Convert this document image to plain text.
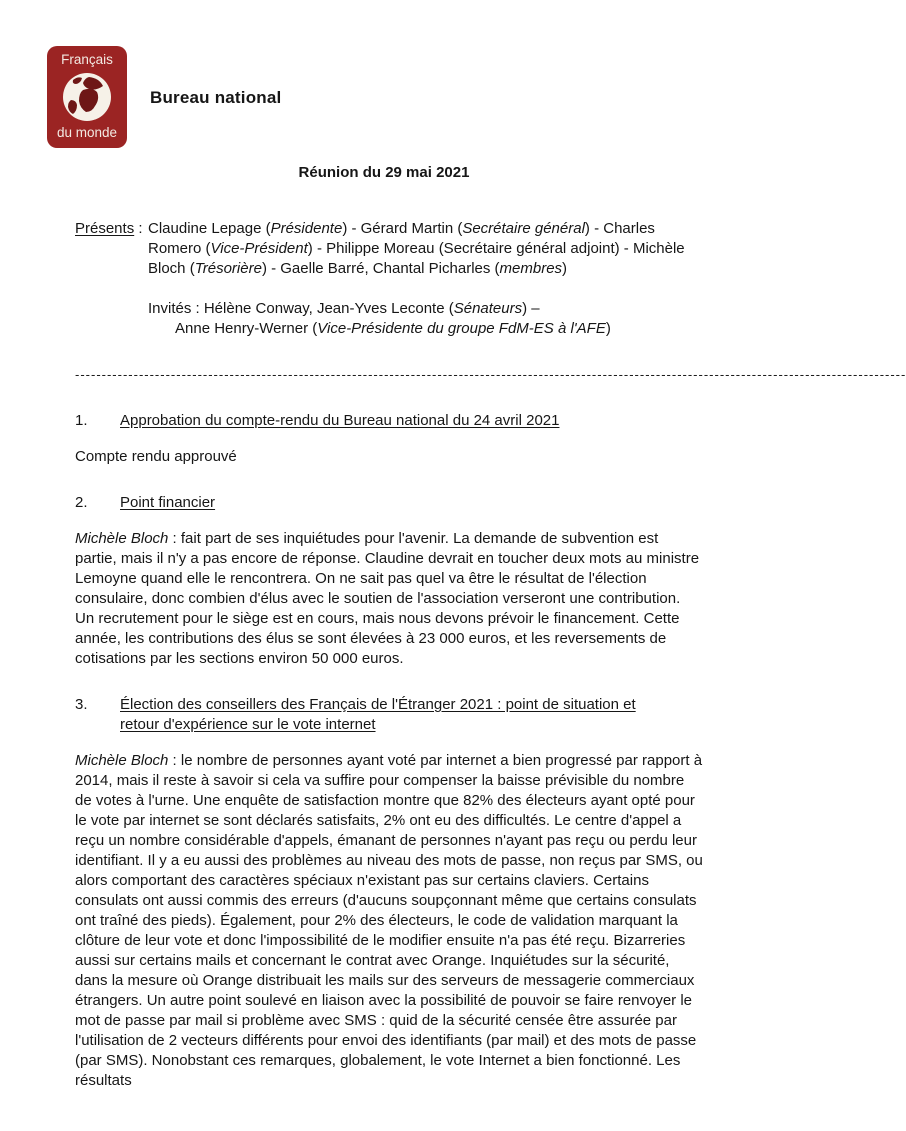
Français
du monde
Bureau national
Réunion du 29 mai 2021
Présents : Claudine Lepage (Présidente) - Gérard Martin (Secrétaire général) - Charles Romero (Vice-Président) - Philippe Moreau (Secrétaire général adjoint) - Michèle Bloch (Trésorière) - Gaelle Barré, Chantal Picharles (membres)
Invités : Hélène Conway, Jean-Yves Leconte (Sénateurs) –
Anne Henry-Werner (Vice-Présidente du groupe FdM-ES à l'AFE)
------------------------------------------------------------------------------------------------------------------------------------------------------------
1.	Approbation du compte-rendu du Bureau national du 24 avril 2021

Compte rendu approuvé

2.	Point financier

Michèle Bloch : fait part de ses inquiétudes pour l'avenir. La demande de subvention est partie, mais il n'y a pas encore de réponse. Claudine devrait en toucher deux mots au ministre Lemoyne quand elle le rencontrera. On ne sait pas quel va être le résultat de l'élection consulaire, donc combien d'élus avec le soutien de l'association verseront une contribution. Un recrutement pour le siège est en cours, mais nous devons prévoir le financement. Cette année, les contributions des élus se sont élevées à 23 000 euros, et les reversements de cotisations par les sections environ 50 000 euros.

3.	Élection des conseillers des Français de l'Étranger 2021 : point de situation et retour d'expérience sur le vote internet

Michèle Bloch : le nombre de personnes ayant voté par internet a bien progressé par rapport à 2014, mais il reste à savoir si cela va suffire pour compenser la baisse prévisible du nombre de votes à l'urne. Une enquête de satisfaction montre que 82% des électeurs ayant opté pour le vote par internet se sont déclarés satisfaits, 2% ont eu des difficultés. Le centre d'appel a reçu un nombre considérable d'appels, émanant de personnes n'ayant pas reçu ou perdu leur identifiant. Il y a eu aussi des problèmes au niveau des mots de passe, non reçus par SMS, ou alors comportant des caractères spéciaux n'existant pas sur certains claviers. Certains consulats ont aussi commis des erreurs (d'aucuns soupçonnant même que certains consulats ont traîné des pieds). Également, pour 2% des électeurs, le code de validation marquant la clôture de leur vote et donc l'impossibilité de le modifier ensuite n'a pas été reçu. Bizarreries aussi sur certains mails et concernant le contrat avec Orange. Inquiétudes sur la sécurité, dans la mesure où Orange distribuait les mails sur des serveurs de messagerie commerciaux étrangers. Un autre point soulevé en liaison avec la possibilité de pouvoir se faire renvoyer le mot de passe par mail si problème avec SMS : quid de la sécurité censée être assurée par l'utilisation de 2 vecteurs différents pour envoi des identifiants (par mail) et des mots de passe (par SMS). Nonobstant ces remarques, globalement, le vote Internet a bien fonctionné. Les résultats
